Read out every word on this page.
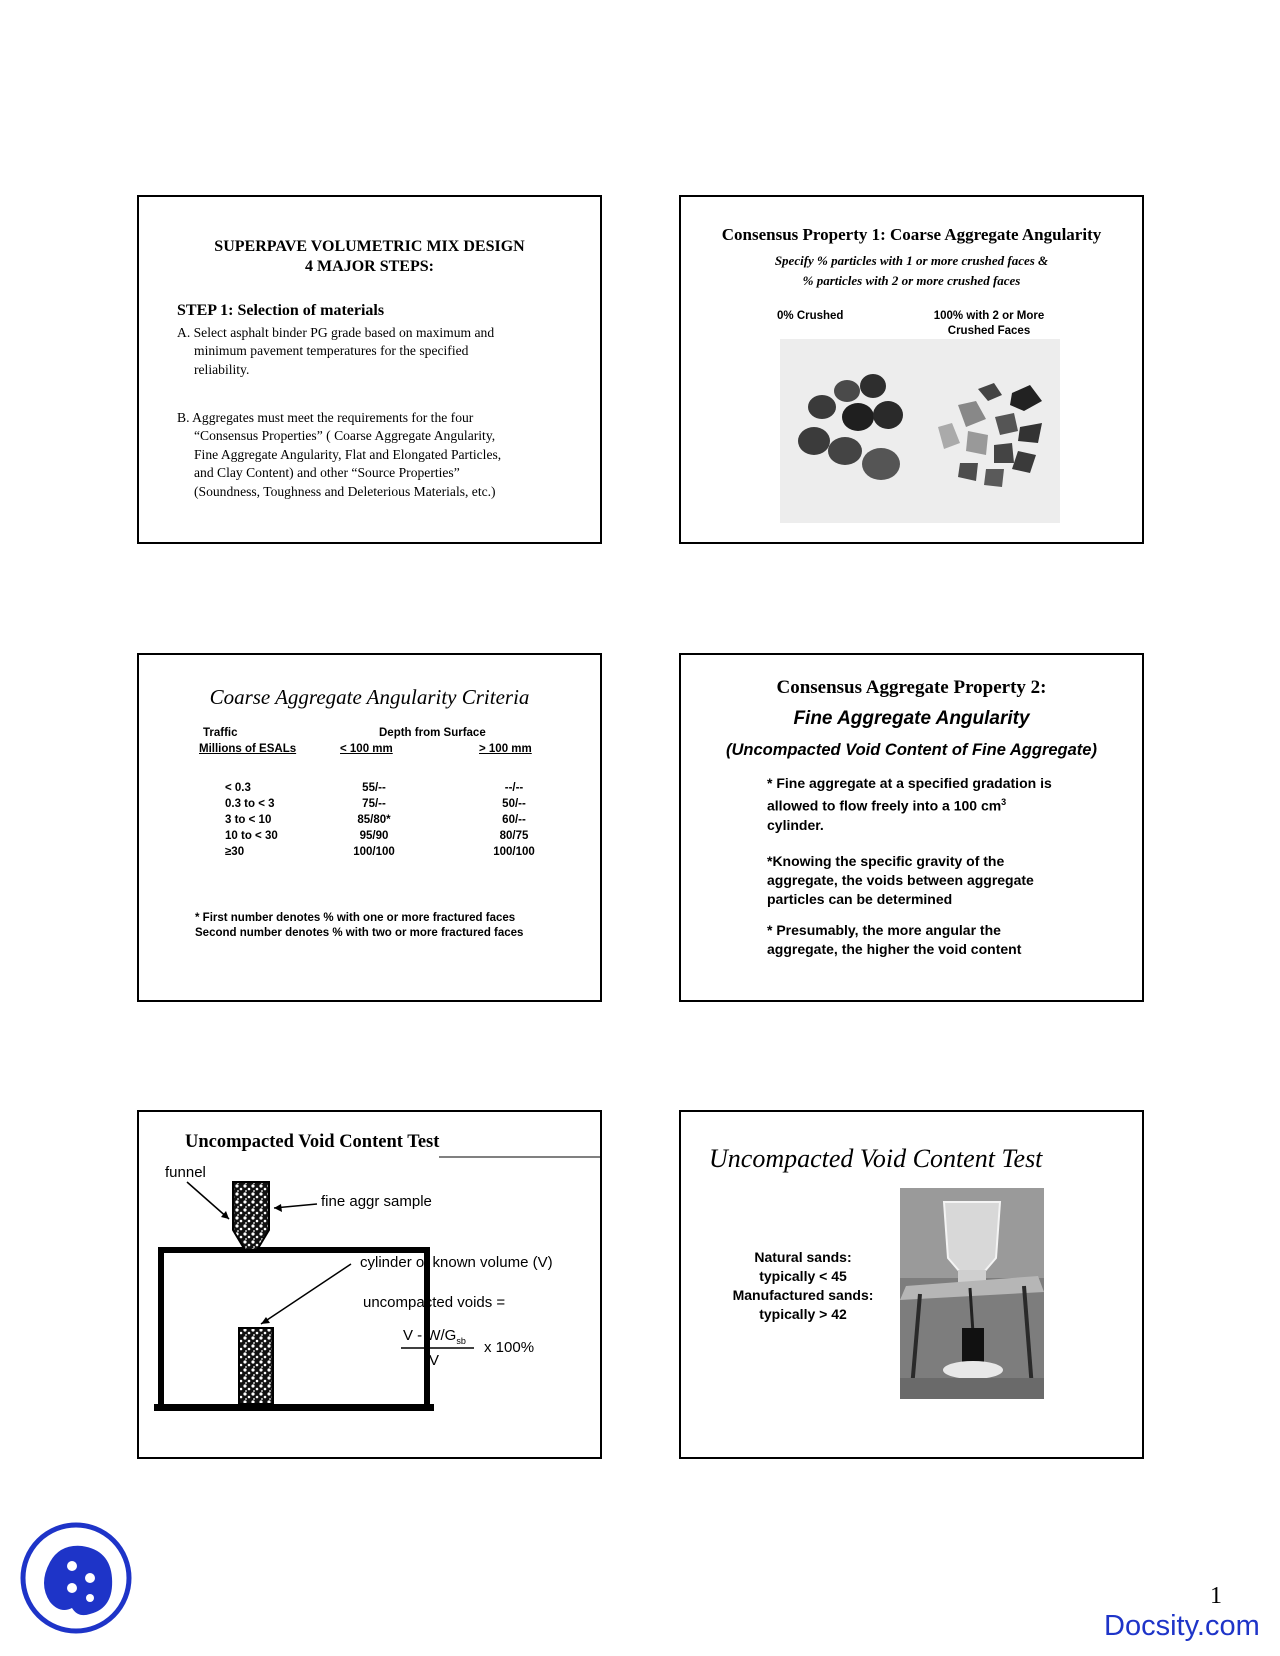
SUPERPAVE VOLUMETRIC MIX DESIGN
4 MAJOR STEPS:
STEP 1: Selection of materials
A. Select asphalt binder PG grade based on maximum and
minimum pavement temperatures for the specified
reliability.
B. Aggregates must meet the requirements for the four
“Consensus Properties” ( Coarse Aggregate Angularity,
Fine Aggregate Angularity, Flat and Elongated Particles,
and Clay Content) and other “Source Properties”
(Soundness, Toughness and Deleterious Materials, etc.)
Consensus Property 1: Coarse Aggregate Angularity
Specify % particles with 1 or more crushed faces &
% particles with 2 or more crushed faces
0% Crushed	100% with 2 or More
Crushed Faces
Coarse Aggregate Angularity Criteria
Traffic	Depth from Surface
Millions of ESALs	< 100 mm	> 100 mm
< 0.3	55/--	--/--
0.3 to < 3	75/--	50/--
3 to < 10	85/80*	60/--
10 to < 30	95/90	80/75
≥30	100/100	100/100
* First number denotes % with one or more fractured faces
Second number denotes % with two or more fractured faces
Consensus Aggregate Property 2:
Fine Aggregate Angularity
(Uncompacted Void Content of Fine Aggregate)
* Fine aggregate at a specified gradation is
allowed to flow freely into a 100 $cm^3$
cylinder.
*Knowing the specific gravity of the
aggregate, the voids between aggregate
particles can be determined
* Presumably, the more angular the
aggregate, the higher the void content
Uncompacted Void Content Test
funnel
fine aggr sample
cylinder of known volume (V)
uncompacted voids =
V - $W/G_{sb}$
V
x 100%
Uncompacted Void Content Test
Natural sands:
typically < 45
Manufactured sands:
typically > 42
1
Docsity.com
